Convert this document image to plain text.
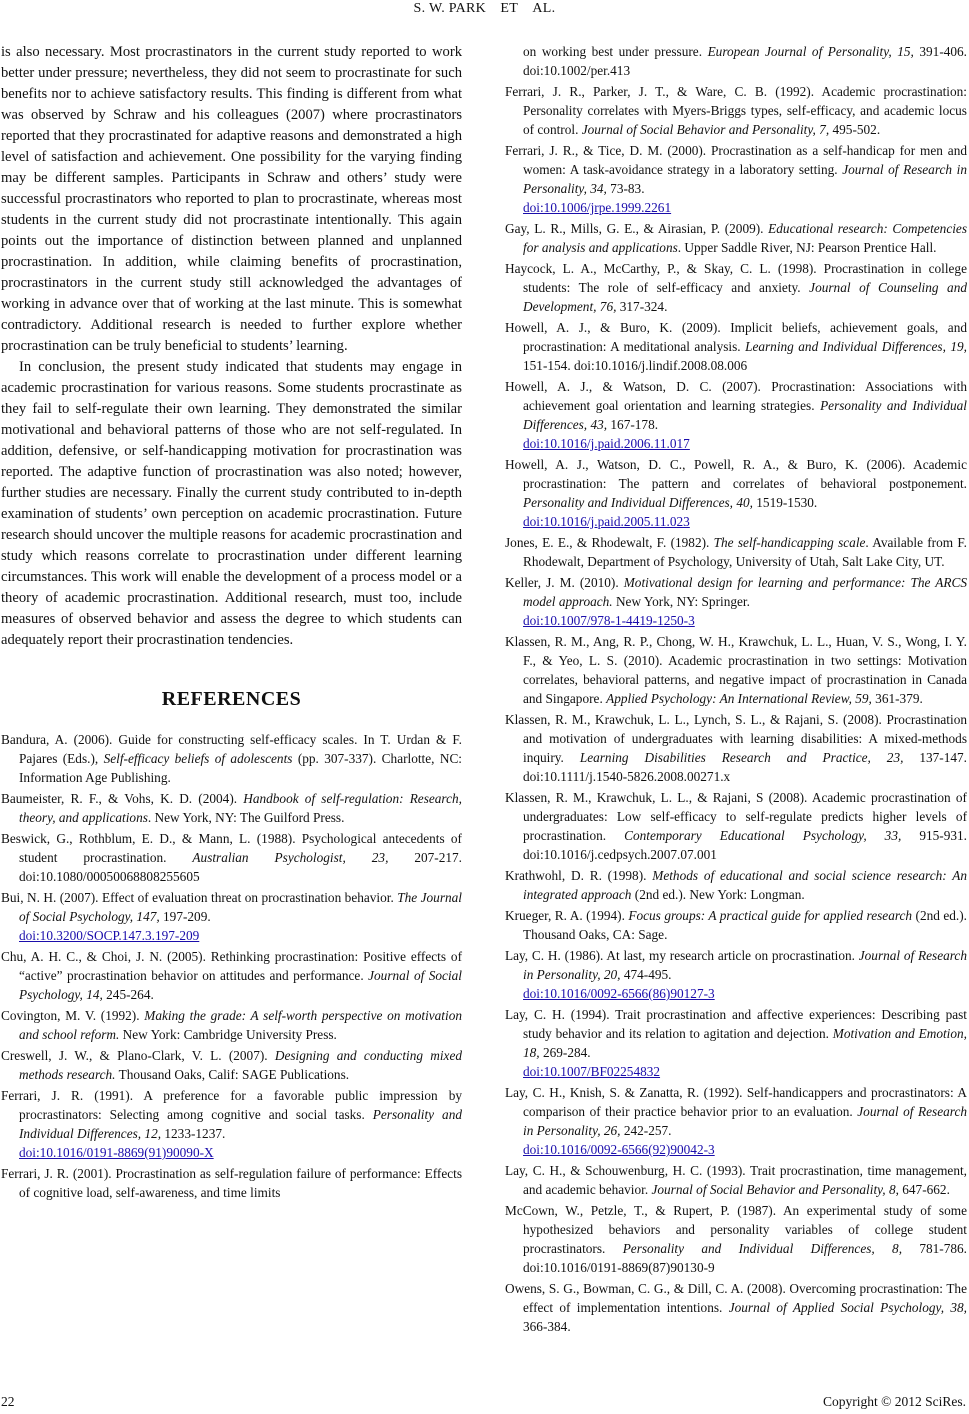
S. W. PARK ET AL.

is also necessary. Most procrastinators in the current study reported to work better under pressure; nevertheless, they did not seem to procrastinate for such benefits nor to achieve satisfactory results. This finding is different from what was observed by Schraw and his colleagues (2007) where procrastinators reported that they procrastinated for adaptive reasons and demonstrated a high level of satisfaction and achievement. One possibility for the varying finding may be different samples. Participants in Schraw and others’ study were successful procrastinators who reported to plan to procrastinate, whereas most students in the current study did not procrastinate intentionally. This again points out the importance of distinction between planned and unplanned procrastination. In addition, while claiming benefits of procrastination, procrastinators in the current study still acknowledged the advantages of working in advance over that of working at the last minute. This is somewhat contradictory. Additional research is needed to further explore whether procrastination can be truly beneficial to students’ learning.

In conclusion, the present study indicated that students may engage in academic procrastination for various reasons. Some students procrastinate as they fail to self-regulate their own learning. They demonstrated the similar motivational and behavioral patterns of those who are not self-regulated. In addition, defensive, or self-handicapping motivation for procrastination was reported. The adaptive function of procrastination was also noted; however, further studies are necessary. Finally the current study contributed to in-depth examination of students’ own perception on academic procrastination. Future research should uncover the multiple reasons for academic procrastination and study which reasons correlate to procrastination under different learning circumstances. This work will enable the development of a process model or a theory of academic procrastination. Additional research, must too, include measures of observed behavior and assess the degree to which students can adequately report their procrastination tendencies.

REFERENCES

Bandura, A. (2006). Guide for constructing self-efficacy scales. In T. Urdan & F. Pajares (Eds.), Self-efficacy beliefs of adolescents (pp. 307-337). Charlotte, NC: Information Age Publishing.

Baumeister, R. F., & Vohs, K. D. (2004). Handbook of self-regulation: Research, theory, and applications. New York, NY: The Guilford Press.

Beswick, G., Rothblum, E. D., & Mann, L. (1988). Psychological antecedents of student procrastination. Australian Psychologist, 23, 207-217. doi:10.1080/00050068808255605

Bui, N. H. (2007). Effect of evaluation threat on procrastination behavior. The Journal of Social Psychology, 147, 197-209.
doi:10.3200/SOCP.147.3.197-209

Chu, A. H. C., & Choi, J. N. (2005). Rethinking procrastination: Positive effects of “active” procrastination behavior on attitudes and performance. Journal of Social Psychology, 14, 245-264.

Covington, M. V. (1992). Making the grade: A self-worth perspective on motivation and school reform. New York: Cambridge University Press.

Creswell, J. W., & Plano-Clark, V. L. (2007). Designing and conducting mixed methods research. Thousand Oaks, Calif: SAGE Publications.

Ferrari, J. R. (1991). A preference for a favorable public impression by procrastinators: Selecting among cognitive and social tasks. Personality and Individual Differences, 12, 1233-1237.
doi:10.1016/0191-8869(91)90090-X

Ferrari, J. R. (2001). Procrastination as self-regulation failure of performance: Effects of cognitive load, self-awareness, and time limits

on working best under pressure. European Journal of Personality, 15, 391-406. doi:10.1002/per.413

Ferrari, J. R., Parker, J. T., & Ware, C. B. (1992). Academic procrastination: Personality correlates with Myers-Briggs types, self-efficacy, and academic locus of control. Journal of Social Behavior and Personality, 7, 495-502.

Ferrari, J. R., & Tice, D. M. (2000). Procrastination as a self-handicap for men and women: A task-avoidance strategy in a laboratory setting. Journal of Research in Personality, 34, 73-83.
doi:10.1006/jrpe.1999.2261

Gay, L. R., Mills, G. E., & Airasian, P. (2009). Educational research: Competencies for analysis and applications. Upper Saddle River, NJ: Pearson Prentice Hall.

Haycock, L. A., McCarthy, P., & Skay, C. L. (1998). Procrastination in college students: The role of self-efficacy and anxiety. Journal of Counseling and Development, 76, 317-324.

Howell, A. J., & Buro, K. (2009). Implicit beliefs, achievement goals, and procrastination: A meditational analysis. Learning and Individual Differences, 19, 151-154. doi:10.1016/j.lindif.2008.08.006

Howell, A. J., & Watson, D. C. (2007). Procrastination: Associations with achievement goal orientation and learning strategies. Personality and Individual Differences, 43, 167-178.
doi:10.1016/j.paid.2006.11.017

Howell, A. J., Watson, D. C., Powell, R. A., & Buro, K. (2006). Academic procrastination: The pattern and correlates of behavioral postponement. Personality and Individual Differences, 40, 1519-1530.
doi:10.1016/j.paid.2005.11.023

Jones, E. E., & Rhodewalt, F. (1982). The self-handicapping scale. Available from F. Rhodewalt, Department of Psychology, University of Utah, Salt Lake City, UT.

Keller, J. M. (2010). Motivational design for learning and performance: The ARCS model approach. New York, NY: Springer.
doi:10.1007/978-1-4419-1250-3

Klassen, R. M., Ang, R. P., Chong, W. H., Krawchuk, L. L., Huan, V. S., Wong, I. Y. F., & Yeo, L. S. (2010). Academic procrastination in two settings: Motivation correlates, behavioral patterns, and negative impact of procrastination in Canada and Singapore. Applied Psychology: An International Review, 59, 361-379.

Klassen, R. M., Krawchuk, L. L., Lynch, S. L., & Rajani, S. (2008). Procrastination and motivation of undergraduates with learning disabilities: A mixed-methods inquiry. Learning Disabilities Research and Practice, 23, 137-147. doi:10.1111/j.1540-5826.2008.00271.x

Klassen, R. M., Krawchuk, L. L., & Rajani, S (2008). Academic procrastination of undergraduates: Low self-efficacy to self-regulate predicts higher levels of procrastination. Contemporary Educational Psychology, 33, 915-931. doi:10.1016/j.cedpsych.2007.07.001

Krathwohl, D. R. (1998). Methods of educational and social science research: An integrated approach (2nd ed.). New York: Longman.

Krueger, R. A. (1994). Focus groups: A practical guide for applied research (2nd ed.). Thousand Oaks, CA: Sage.

Lay, C. H. (1986). At last, my research article on procrastination. Journal of Research in Personality, 20, 474-495.
doi:10.1016/0092-6566(86)90127-3

Lay, C. H. (1994). Trait procrastination and affective experiences: Describing past study behavior and its relation to agitation and dejection. Motivation and Emotion, 18, 269-284.
doi:10.1007/BF02254832

Lay, C. H., Knish, S. & Zanatta, R. (1992). Self-handicappers and procrastinators: A comparison of their practice behavior prior to an evaluation. Journal of Research in Personality, 26, 242-257.
doi:10.1016/0092-6566(92)90042-3

Lay, C. H., & Schouwenburg, H. C. (1993). Trait procrastination, time management, and academic behavior. Journal of Social Behavior and Personality, 8, 647-662.

McCown, W., Petzle, T., & Rupert, P. (1987). An experimental study of some hypothesized behaviors and personality variables of college student procrastinators. Personality and Individual Differences, 8, 781-786. doi:10.1016/0191-8869(87)90130-9

Owens, S. G., Bowman, C. G., & Dill, C. A. (2008). Overcoming procrastination: The effect of implementation intentions. Journal of Applied Social Psychology, 38, 366-384.

22	Copyright © 2012 SciRes.
